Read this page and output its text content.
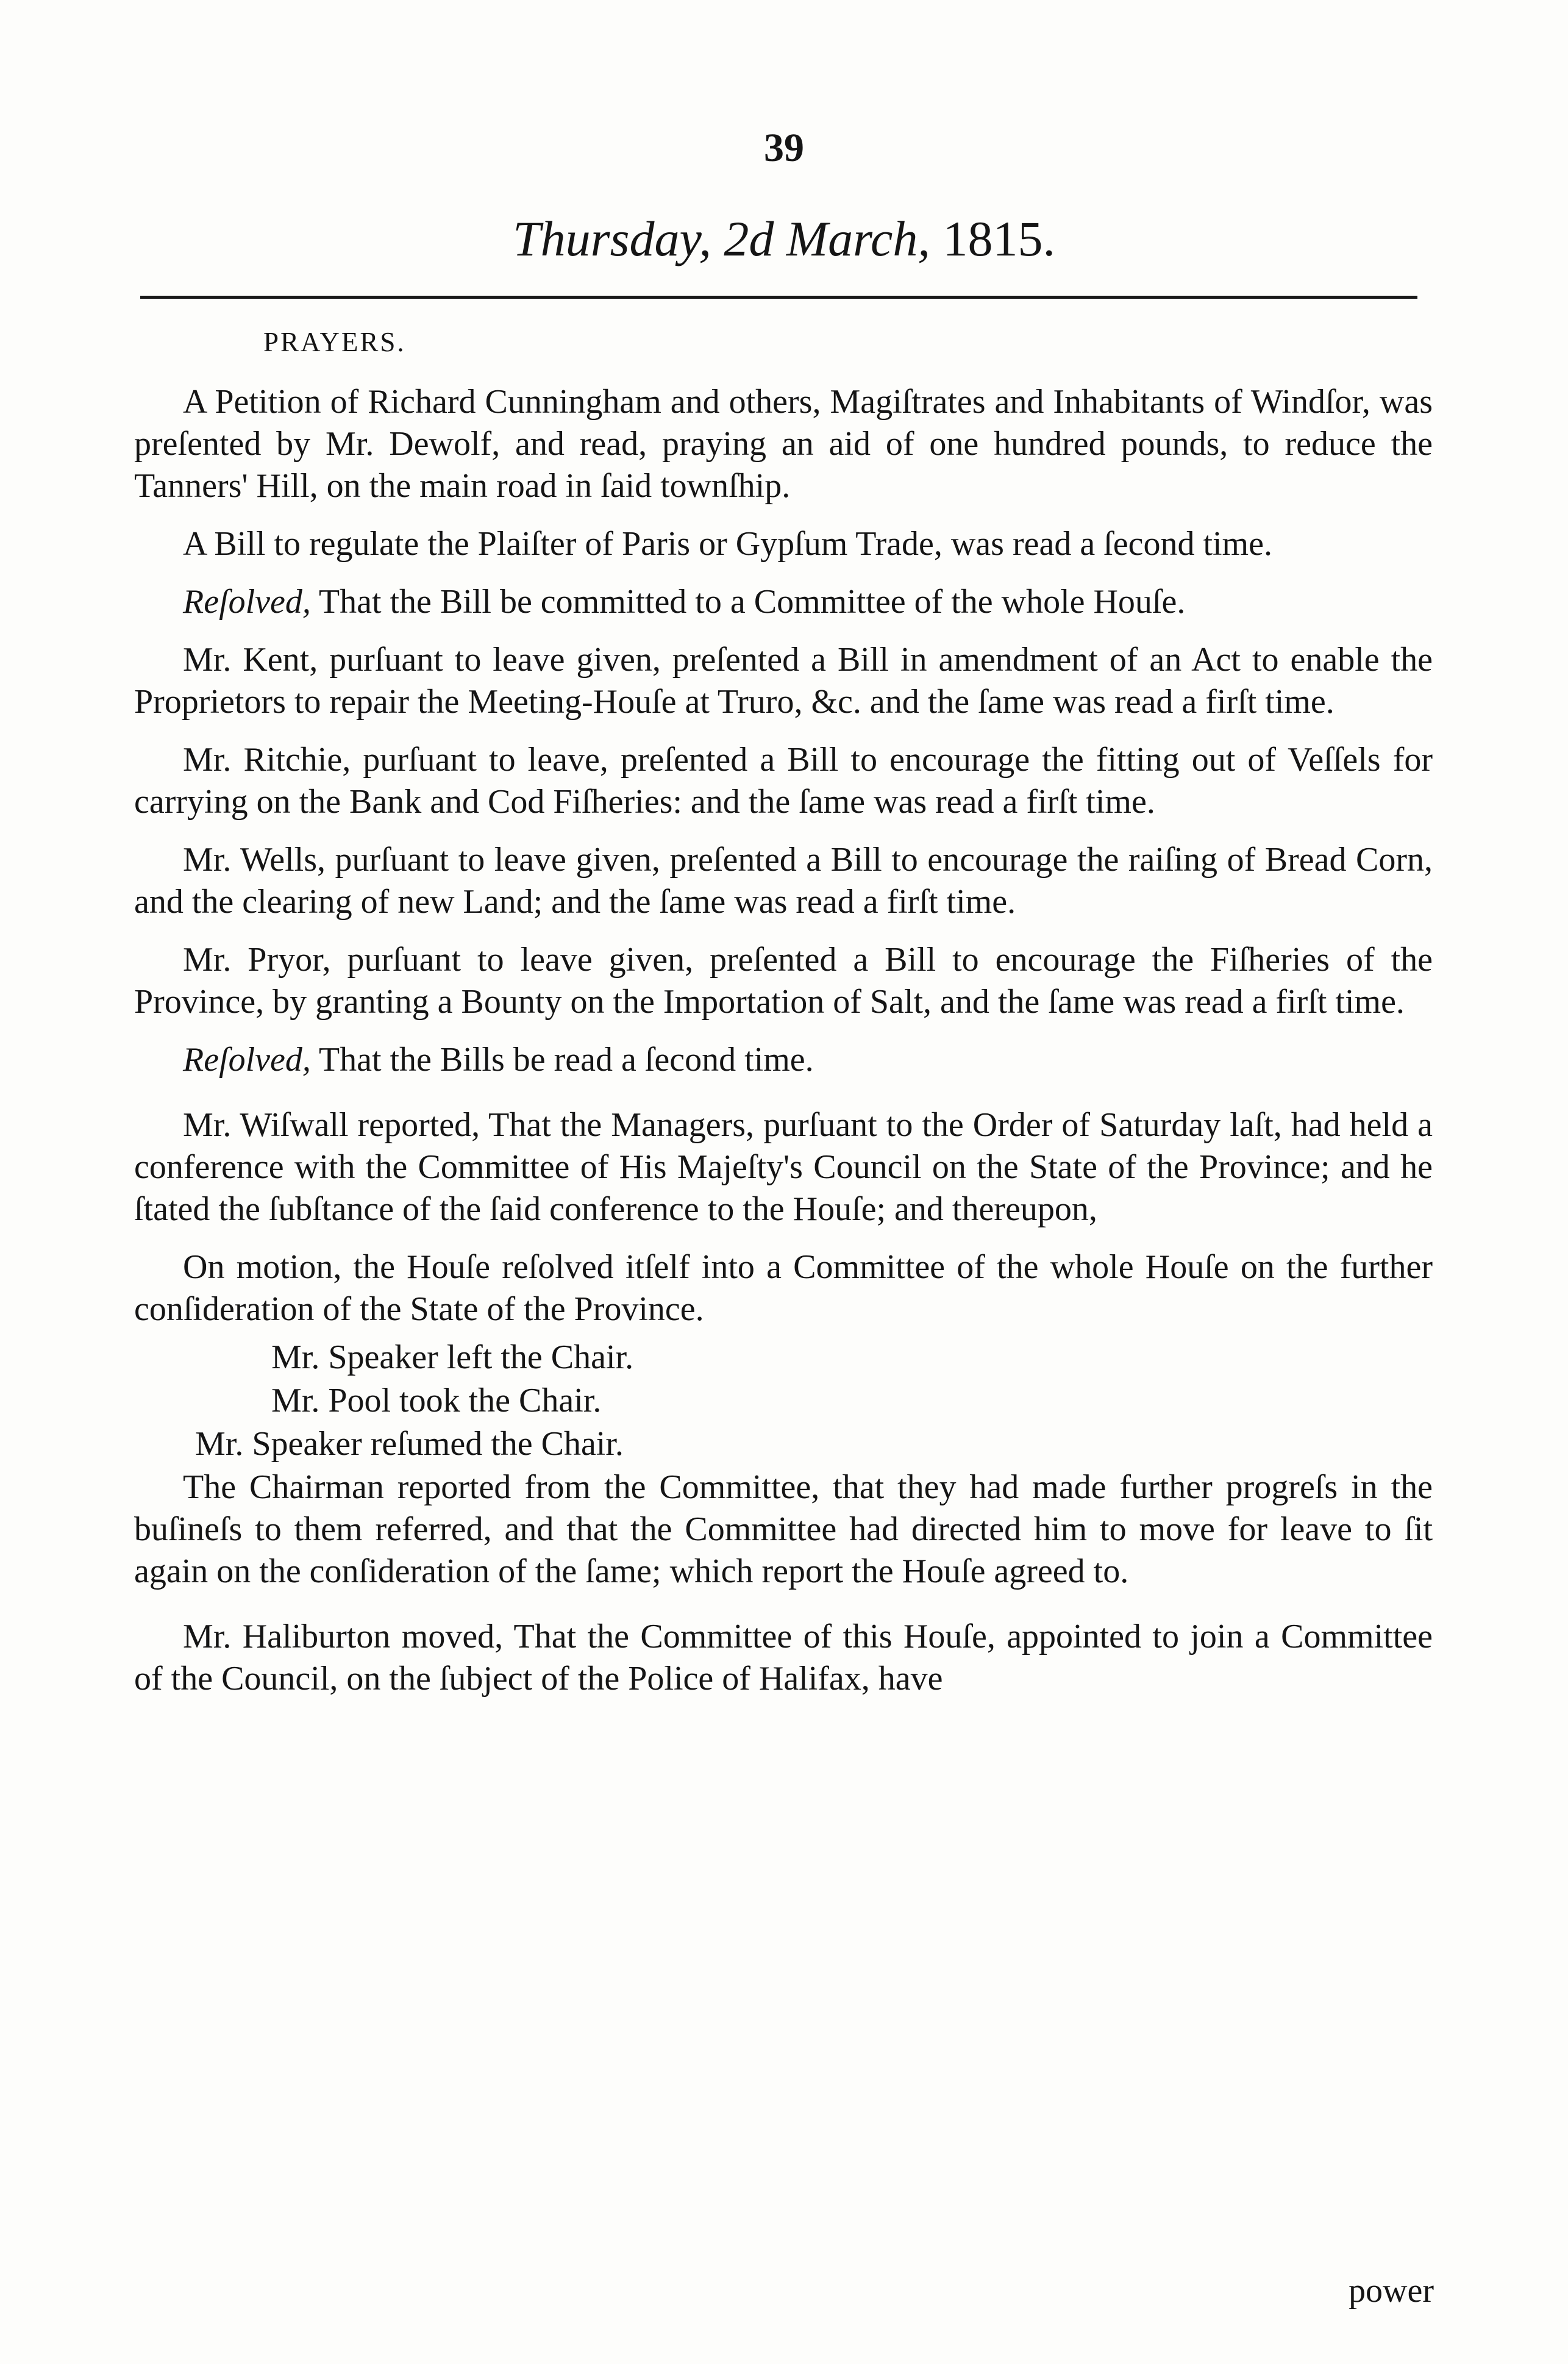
39
Thursday, 2d March, 1815.
PRAYERS.

A Petition of Richard Cunningham and others, Magiſtrates and Inhabitants of Windſor, was preſented by Mr. Dewolf, and read, praying an aid of one hundred pounds, to reduce the Tanners' Hill, on the main road in ſaid townſhip.

A Bill to regulate the Plaiſter of Paris or Gypſum Trade, was read a ſecond time.

Reſolved, That the Bill be committed to a Committee of the whole Houſe.

Mr. Kent, purſuant to leave given, preſented a Bill in amendment of an Act to enable the Proprietors to repair the Meeting-Houſe at Truro, &c. and the ſame was read a firſt time.

Mr. Ritchie, purſuant to leave, preſented a Bill to encourage the fitting out of Veſſels for carrying on the Bank and Cod Fiſheries: and the ſame was read a firſt time.

Mr. Wells, purſuant to leave given, preſented a Bill to encourage the raiſing of Bread Corn, and the clearing of new Land; and the ſame was read a firſt time.

Mr. Pryor, purſuant to leave given, preſented a Bill to encourage the Fiſheries of the Province, by granting a Bounty on the Importation of Salt, and the ſame was read a firſt time.

Reſolved, That the Bills be read a ſecond time.

Mr. Wiſwall reported, That the Managers, purſuant to the Order of Saturday laſt, had held a conference with the Committee of His Majeſty's Council on the State of the Province; and he ſtated the ſubſtance of the ſaid conference to the Houſe; and thereupon,

On motion, the Houſe reſolved itſelf into a Committee of the whole Houſe on the further conſideration of the State of the Province.

Mr. Speaker left the Chair.

Mr. Pool took the Chair.

Mr. Speaker reſumed the Chair.

The Chairman reported from the Committee, that they had made further progreſs in the buſineſs to them referred, and that the Committee had directed him to move for leave to ſit again on the conſideration of the ſame; which report the Houſe agreed to.

Mr. Haliburton moved, That the Committee of this Houſe, appointed to join a Committee of the Council, on the ſubject of the Police of Halifax, have

power
